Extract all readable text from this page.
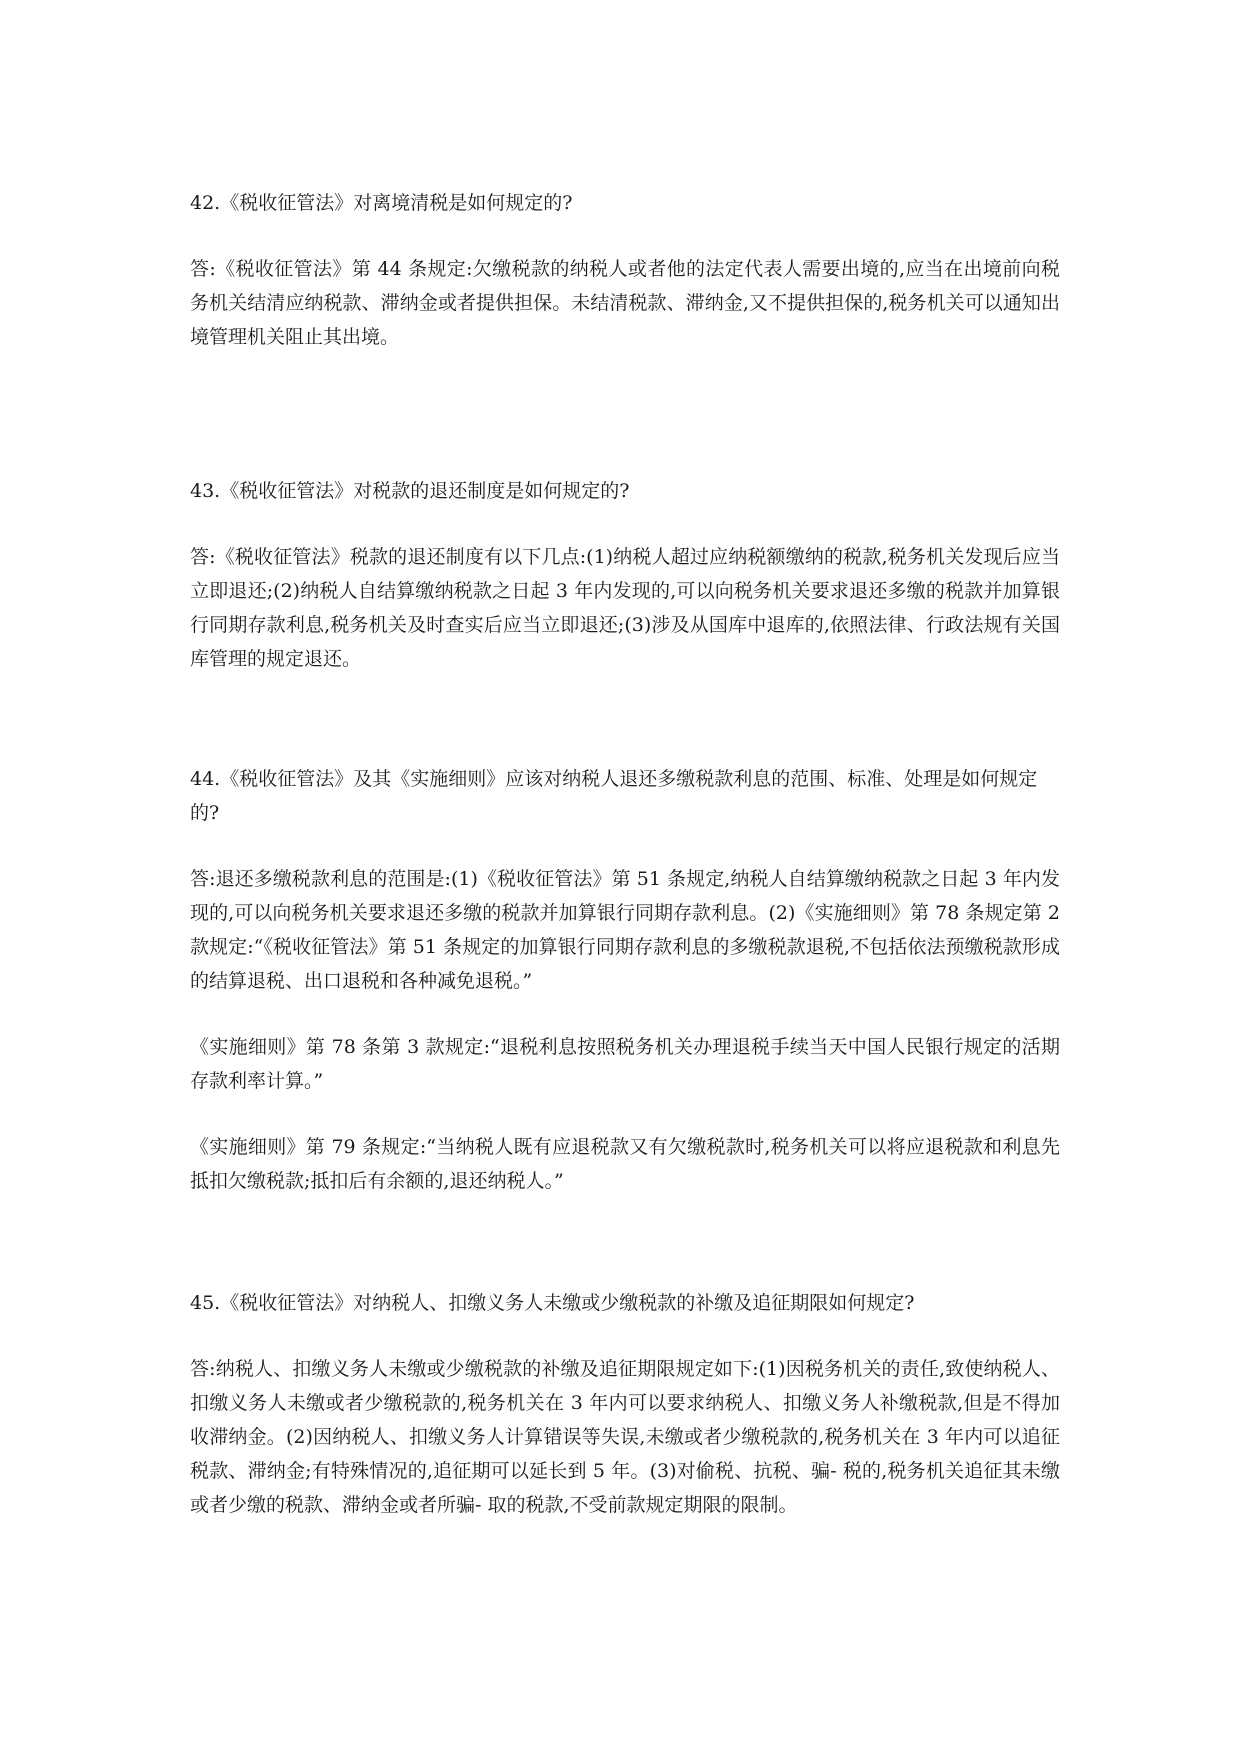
42.《税收征管法》对离境清税是如何规定的?

答:《税收征管法》第 44 条规定:欠缴税款的纳税人或者他的法定代表人需要出境的,应当在出境前向税务机关结清应纳税款、滞纳金或者提供担保。未结清税款、滞纳金,又不提供担保的,税务机关可以通知出境管理机关阻止其出境。

43.《税收征管法》对税款的退还制度是如何规定的?

答:《税收征管法》税款的退还制度有以下几点:(1)纳税人超过应纳税额缴纳的税款,税务机关发现后应当立即退还;(2)纳税人自结算缴纳税款之日起 3 年内发现的,可以向税务机关要求退还多缴的税款并加算银行同期存款利息,税务机关及时查实后应当立即退还;(3)涉及从国库中退库的,依照法律、行政法规有关国库管理的规定退还。

44.《税收征管法》及其《实施细则》应该对纳税人退还多缴税款利息的范围、标准、处理是如何规定的?

答:退还多缴税款利息的范围是:(1)《税收征管法》第 51 条规定,纳税人自结算缴纳税款之日起 3 年内发现的,可以向税务机关要求退还多缴的税款并加算银行同期存款利息。(2)《实施细则》第 78 条规定第 2 款规定:“《税收征管法》第 51 条规定的加算银行同期存款利息的多缴税款退税,不包括依法预缴税款形成的结算退税、出口退税和各种减免退税。”

《实施细则》第 78 条第 3 款规定:“退税利息按照税务机关办理退税手续当天中国人民银行规定的活期存款利率计算。”

《实施细则》第 79 条规定:“当纳税人既有应退税款又有欠缴税款时,税务机关可以将应退税款和利息先抵扣欠缴税款;抵扣后有余额的,退还纳税人。”

45.《税收征管法》对纳税人、扣缴义务人未缴或少缴税款的补缴及追征期限如何规定?

答:纳税人、扣缴义务人未缴或少缴税款的补缴及追征期限规定如下:(1)因税务机关的责任,致使纳税人、扣缴义务人未缴或者少缴税款的,税务机关在 3 年内可以要求纳税人、扣缴义务人补缴税款,但是不得加收滞纳金。(2)因纳税人、扣缴义务人计算错误等失误,未缴或者少缴税款的,税务机关在 3 年内可以追征税款、滞纳金;有特殊情况的,追征期可以延长到 5 年。(3)对偷税、抗税、骗- 税的,税务机关追征其未缴或者少缴的税款、滞纳金或者所骗- 取的税款,不受前款规定期限的限制。
